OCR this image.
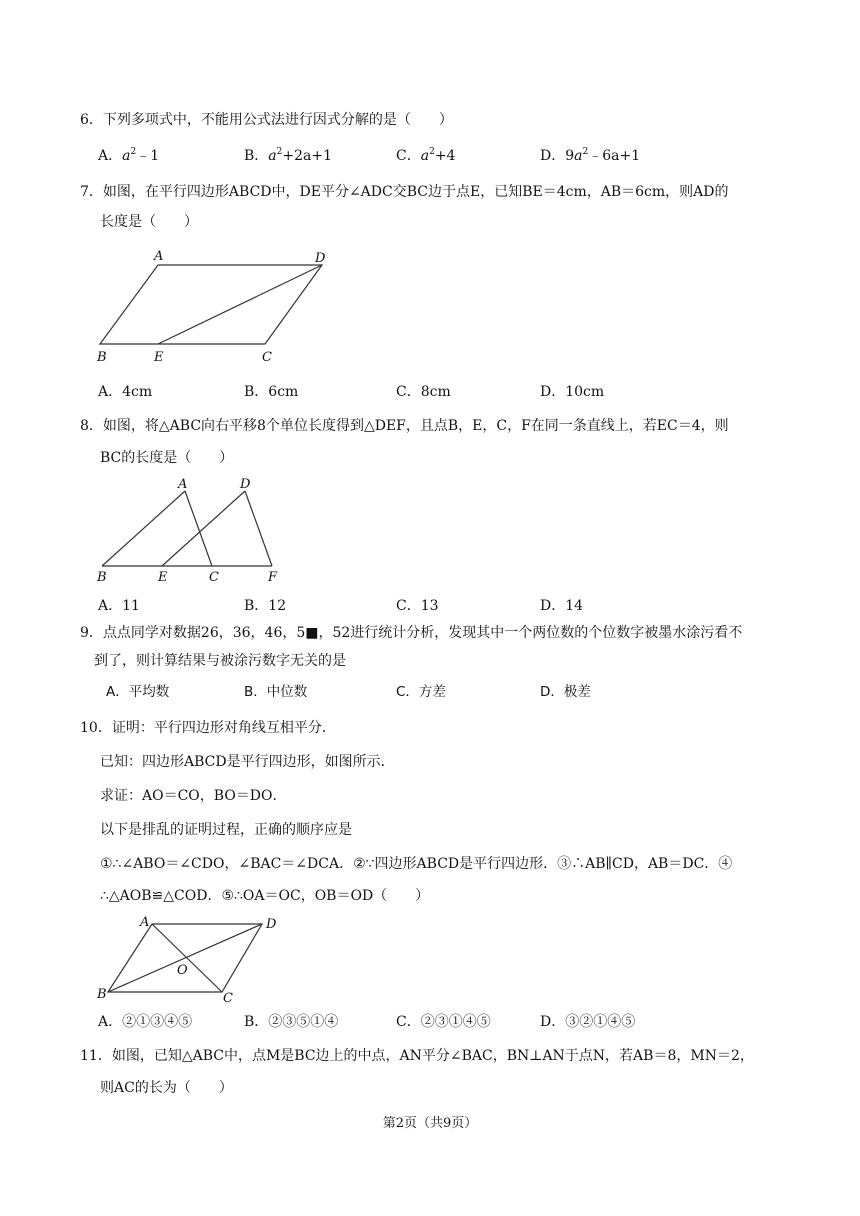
6．下列多项式中，不能用公式法进行因式分解的是（　　）
A．$a^2﹣1$	B．$a^2+2a+1$	C．$a^2+4$	D．$9a^2﹣6a+1$
7．如图，在平行四边形ABCD中，DE平分∠ADC交BC边于点E，已知BE＝4cm，AB＝6cm，则AD的
长度是（　　）
A	D
B	E	C
A．4cm	B．6cm	C．8cm	D．10cm
8．如图，将△ABC向右平移8个单位长度得到△DEF，且点B，E，C，F在同一条直线上，若EC＝4，则
BC的长度是（　　）
A	D
B	E	C	F
A．11	B．12	C．13	D．14
9．点点同学对数据26，36，46，5■，52进行统计分析，发现其中一个两位数的个位数字被墨水涂污看不
到了，则计算结果与被涂污数字无关的是
A．平均数	B．中位数	C．方差	D．极差
10．证明：平行四边形对角线互相平分．
已知：四边形ABCD是平行四边形，如图所示．
求证：AO＝CO，BO＝DO．
以下是排乱的证明过程，正确的顺序应是
①∴∠ABO＝∠CDO，∠BAC＝∠DCA．②∵四边形ABCD是平行四边形．③∴AB∥CD，AB＝DC．④
∴△AOB≌△COD．⑤∴OA＝OC，OB＝OD（　　）
A	D
O
B	C
A．②①③④⑤	B．②③⑤①④	C．②③①④⑤	D．③②①④⑤
11．如图，已知△ABC中，点M是BC边上的中点，AN平分∠BAC，BN⊥AN于点N，若AB＝8，MN＝2，
则AC的长为（　　）
第2页（共9页）
